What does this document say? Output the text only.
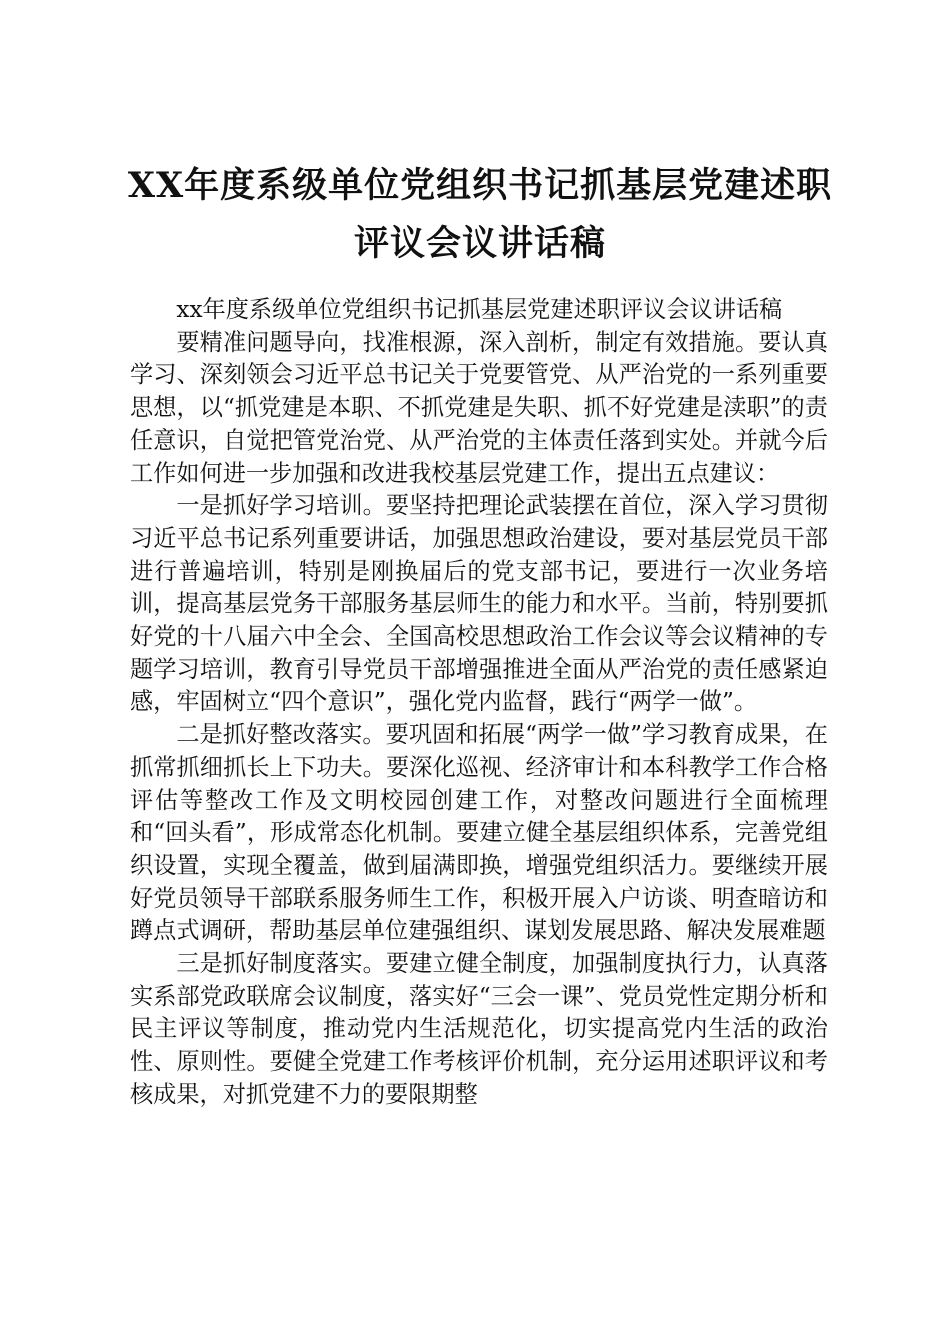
XX年度系级单位党组织书记抓基层党建述职
评议会议讲话稿

xx年度系级单位党组织书记抓基层党建述职评议会议讲话稿

要精准问题导向，找准根源，深入剖析，制定有效措施。要认真学习、深刻领会习近平总书记关于党要管党、从严治党的一系列重要思想，以“抓党建是本职、不抓党建是失职、抓不好党建是渎职”的责任意识，自觉把管党治党、从严治党的主体责任落到实处。并就今后工作如何进一步加强和改进我校基层党建工作，提出五点建议：

一是抓好学习培训。要坚持把理论武装摆在首位，深入学习贯彻习近平总书记系列重要讲话，加强思想政治建设，要对基层党员干部进行普遍培训，特别是刚换届后的党支部书记，要进行一次业务培训，提高基层党务干部服务基层师生的能力和水平。当前，特别要抓好党的十八届六中全会、全国高校思想政治工作会议等会议精神的专题学习培训，教育引导党员干部增强推进全面从严治党的责任感紧迫感，牢固树立“四个意识”，强化党内监督，践行“两学一做”。

二是抓好整改落实。要巩固和拓展“两学一做”学习教育成果，在抓常抓细抓长上下功夫。要深化巡视、经济审计和本科教学工作合格评估等整改工作及文明校园创建工作，对整改问题进行全面梳理和“回头看”，形成常态化机制。要建立健全基层组织体系，完善党组织设置，实现全覆盖，做到届满即换，增强党组织活力。要继续开展好党员领导干部联系服务师生工作，积极开展入户访谈、明查暗访和蹲点式调研，帮助基层单位建强组织、谋划发展思路、解决发展难题

三是抓好制度落实。要建立健全制度，加强制度执行力，认真落实系部党政联席会议制度，落实好“三会一课”、党员党性定期分析和民主评议等制度，推动党内生活规范化，切实提高党内生活的政治性、原则性。要健全党建工作考核评价机制，充分运用述职评议和考核成果，对抓党建不力的要限期整
